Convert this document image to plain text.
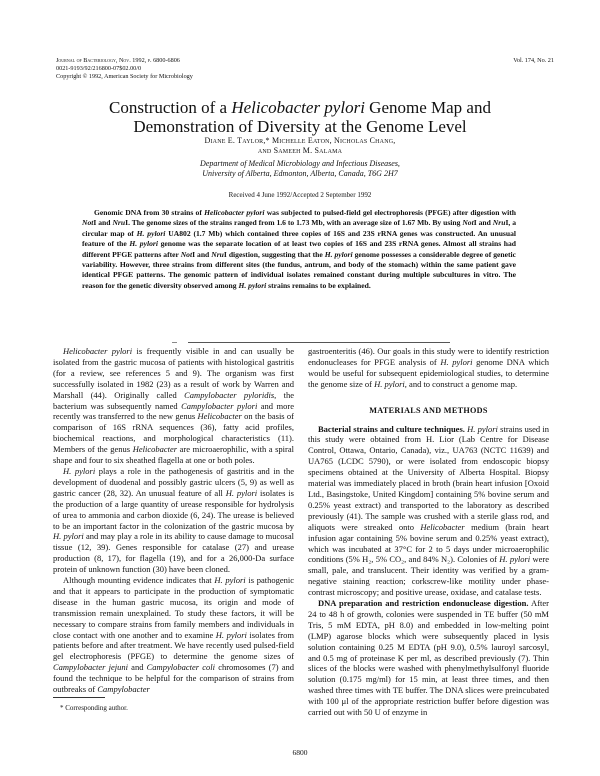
Journal of Bacteriology, Nov. 1992, p. 6800-6806
0021-9193/92/216800-07$02.00/0
Copyright © 1992, American Society for Microbiology
Vol. 174, No. 21
Construction of a Helicobacter pylori Genome Map and
Demonstration of Diversity at the Genome Level
Diane E. Taylor,* Michelle Eaton, Nicholas Chang,
and Sameeh M. Salama
Department of Medical Microbiology and Infectious Diseases,
University of Alberta, Edmonton, Alberta, Canada, T6G 2H7
Received 4 June 1992/Accepted 2 September 1992
Genomic DNA from 30 strains of Helicobacter pylori was subjected to pulsed-field gel electrophoresis (PFGE) after digestion with NotI and NruI. The genome sizes of the strains ranged from 1.6 to 1.73 Mb, with an average size of 1.67 Mb. By using NotI and NruI, a circular map of H. pylori UA802 (1.7 Mb) which contained three copies of 16S and 23S rRNA genes was constructed. An unusual feature of the H. pylori genome was the separate location of at least two copies of 16S and 23S rRNA genes. Almost all strains had different PFGE patterns after NotI and NruI digestion, suggesting that the H. pylori genome possesses a considerable degree of genetic variability. However, three strains from different sites (the fundus, antrum, and body of the stomach) within the same patient gave identical PFGE patterns. The genomic pattern of individual isolates remained constant during multiple subcultures in vitro. The reason for the genetic diversity observed among H. pylori strains remains to be explained.

Helicobacter pylori is frequently visible in and can usually be isolated from the gastric mucosa of patients with histological gastritis (for a review, see references 5 and 9). The organism was first successfully isolated in 1982 (23) as a result of work by Warren and Marshall (44). Originally called Campylobacter pyloridis, the bacterium was subsequently named Campylobacter pylori and more recently was transferred to the new genus Helicobacter on the basis of comparison of 16S rRNA sequences (36), fatty acid profiles, biochemical reactions, and morphological characteristics (11). Members of the genus Helicobacter are microaerophilic, with a spiral shape and four to six sheathed flagella at one or both poles.

H. pylori plays a role in the pathogenesis of gastritis and in the development of duodenal and possibly gastric ulcers (5, 9) as well as gastric cancer (28, 32). An unusual feature of all H. pylori isolates is the production of a large quantity of urease responsible for hydrolysis of urea to ammonia and carbon dioxide (6, 24). The urease is believed to be an important factor in the colonization of the gastric mucosa by H. pylori and may play a role in its ability to cause damage to mucosal tissue (12, 39). Genes responsible for catalase (27) and urease production (8, 17), for flagella (19), and for a 26,000-Da surface protein of unknown function (30) have been cloned.

Although mounting evidence indicates that H. pylori is pathogenic and that it appears to participate in the production of symptomatic disease in the human gastric mucosa, its origin and mode of transmission remain unexplained. To study these factors, it will be necessary to compare strains from family members and individuals in close contact with one another and to examine H. pylori isolates from patients before and after treatment. We have recently used pulsed-field gel electrophoresis (PFGE) to determine the genome sizes of Campylobacter jejuni and Campylobacter coli chromosomes (7) and found the technique to be helpful for the comparison of strains from outbreaks of Campylobacter

gastroenteritis (46). Our goals in this study were to identify restriction endonucleases for PFGE analysis of H. pylori genome DNA which would be useful for subsequent epidemiological studies, to determine the genome size of H. pylori, and to construct a genome map.

MATERIALS AND METHODS

Bacterial strains and culture techniques. H. pylori strains used in this study were obtained from H. Lior (Lab Centre for Disease Control, Ottawa, Ontario, Canada), viz., UA763 (NCTC 11639) and UA765 (LCDC 5790), or were isolated from endoscopic biopsy specimens obtained at the University of Alberta Hospital. Biopsy material was immediately placed in broth (brain heart infusion [Oxoid Ltd., Basingstoke, United Kingdom] containing 5% bovine serum and 0.25% yeast extract) and transported to the laboratory as described previously (41). The sample was crushed with a sterile glass rod, and aliquots were streaked onto Helicobacter medium (brain heart infusion agar containing 5% bovine serum and 0.25% yeast extract), which was incubated at 37°C for 2 to 5 days under microaerophilic conditions (5% H₂, 5% CO₂, and 84% N₂). Colonies of H. pylori were small, pale, and translucent. Their identity was verified by a gram-negative staining reaction; corkscrew-like motility under phase-contrast microscopy; and positive urease, oxidase, and catalase tests.

DNA preparation and restriction endonuclease digestion. After 24 to 48 h of growth, colonies were suspended in TE buffer (50 mM Tris, 5 mM EDTA, pH 8.0) and embedded in low-melting point (LMP) agarose blocks which were subsequently placed in lysis solution containing 0.25 M EDTA (pH 9.0), 0.5% lauroyl sarcosyl, and 0.5 mg of proteinase K per ml, as described previously (7). Thin slices of the blocks were washed with phenylmethylsulfonyl fluoride solution (0.175 mg/ml) for 15 min, at least three times, and then washed three times with TE buffer. The DNA slices were preincubated with 100 μl of the appropriate restriction buffer before digestion was carried out with 50 U of enzyme in

* Corresponding author.
6800
